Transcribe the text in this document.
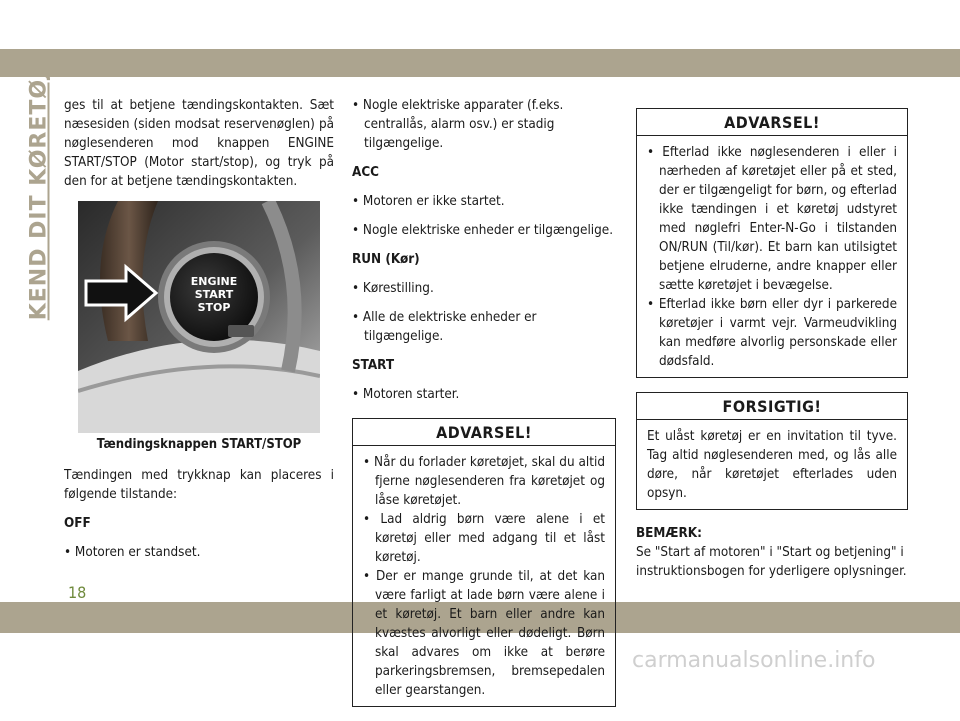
KEND DIT KØRETØJ ges til at betjene tændingskontakten. Sæt næsesiden (siden modsat reservenøglen) på nøglesenderen mod knappen ENGINE START/STOP (Motor start/stop), og tryk på den for at betjene tændingskontakten.

ENGINE
START
STOP
Tændingsknappen START/STOP

Tændingen med trykknap kan placeres i følgende tilstande:

OFF

• Motoren er standset.

• Nogle elektriske apparater (f.eks. centrallås, alarm osv.) er stadig tilgængelige.

ACC

• Motoren er ikke startet.

• Nogle elektriske enheder er tilgængelige.

RUN (Kør)

• Kørestilling.

• Alle de elektriske enheder er tilgængelige.

START

• Motoren starter.

ADVARSEL!

• Når du forlader køretøjet, skal du altid fjerne nøglesenderen fra køretøjet og låse køretøjet.

• Lad aldrig børn være alene i et køretøj eller med adgang til et låst køretøj.

• Der er mange grunde til, at det kan være farligt at lade børn være alene i et køretøj. Et barn eller andre kan kvæstes alvorligt eller dødeligt. Børn skal advares om ikke at berøre parkeringsbremsen, bremsepedalen eller gearstangen.

ADVARSEL!

• Efterlad ikke nøglesenderen i eller i nærheden af køretøjet eller på et sted, der er tilgængeligt for børn, og efterlad ikke tændingen i et køretøj udstyret med nøglefri Enter-N-Go i tilstanden ON/RUN (Til/kør). Et barn kan utilsigtet betjene elruderne, andre knapper eller sætte køretøjet i bevægelse.

• Efterlad ikke børn eller dyr i parkerede køretøjer i varmt vejr. Varmeudvikling kan medføre alvorlig personskade eller dødsfald.

FORSIGTIG!

Et ulåst køretøj er en invitation til tyve. Tag altid nøglesenderen med, og lås alle døre, når køretøjet efterlades uden opsyn.

BEMÆRK:

Se "Start af motoren" i "Start og betjening" i instruktionsbogen for yderligere oplysninger.

18
carmanualsonline.info
